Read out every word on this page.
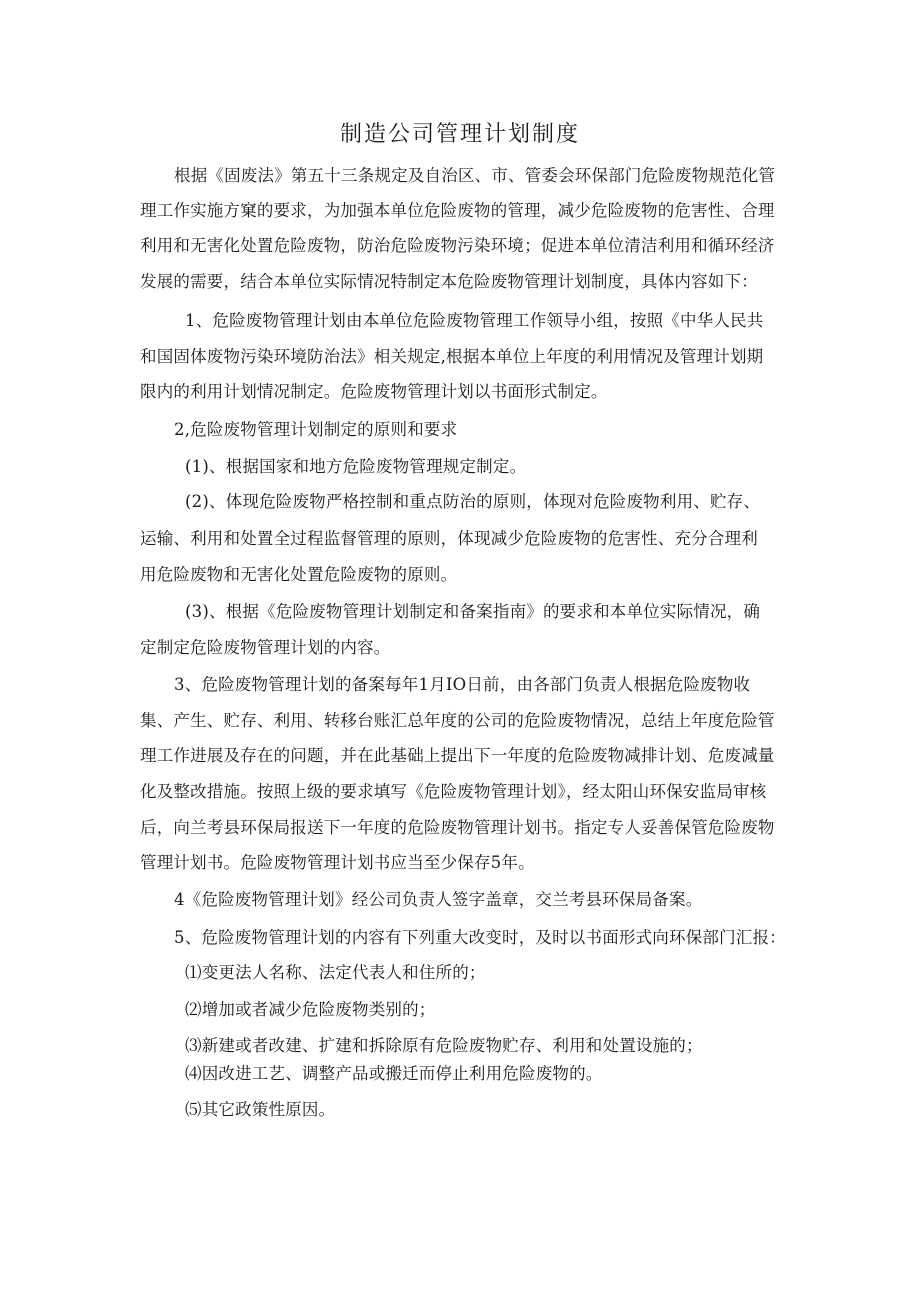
制造公司管理计划制度
根据《固废法》第五十三条规定及自治区、市、管委会环保部门危险废物规范化管
理工作实施方窠的要求，为加强本单位危险废物的管理，减少危险废物的危害性、合理
利用和无害化处置危险废物，防治危险废物污染环境；促进本单位清洁利用和循环经济
发展的需要，结合本单位实际情况特制定本危险废物管理计划制度，具体内容如下：
1、危险废物管理计划由本单位危险废物管理工作领导小组，按照《中华人民共
和国固体废物污染环境防治法》相关规定,根据本单位上年度的利用情况及管理计划期
限内的利用计划情况制定。危险废物管理计划以书面形式制定。
2,危险废物管理计划制定的原则和要求
(1)、根据国家和地方危险废物管理规定制定。
(2)、体现危险废物严格控制和重点防治的原则，体现对危险废物利用、贮存、
运输、利用和处置全过程监督管理的原则，体现减少危险废物的危害性、充分合理利
用危险废物和无害化处置危险废物的原则。
(3)、根据《危险废物管理计划制定和备案指南》的要求和本单位实际情况，确
定制定危险废物管理计划的内容。
3、危险废物管理计划的备案每年1月IO日前，由各部门负责人根据危险废物收
集、产生、贮存、利用、转移台账汇总年度的公司的危险废物情况，总结上年度危险管
理工作进展及存在的问题，并在此基础上提出下一年度的危险废物减排计划、危废减量
化及整改措施。按照上级的要求填写《危险废物管理计划》，经太阳山环保安监局审核
后，向兰考县环保局报送下一年度的危险废物管理计划书。指定专人妥善保管危险废物
管理计划书。危险废物管理计划书应当至少保存5年。
4《危险废物管理计划》经公司负责人签字盖章，交兰考县环保局备案。
5、危险废物管理计划的内容有下列重大改变时，及时以书面形式向环保部门汇报：
⑴变更法人名称、法定代表人和住所的；
⑵增加或者减少危险废物类别的；
⑶新建或者改建、扩建和拆除原有危险废物贮存、利用和处置设施的；
⑷因改进工艺、调整产品或搬迁而停止利用危险废物的。
⑸其它政策性原因。
